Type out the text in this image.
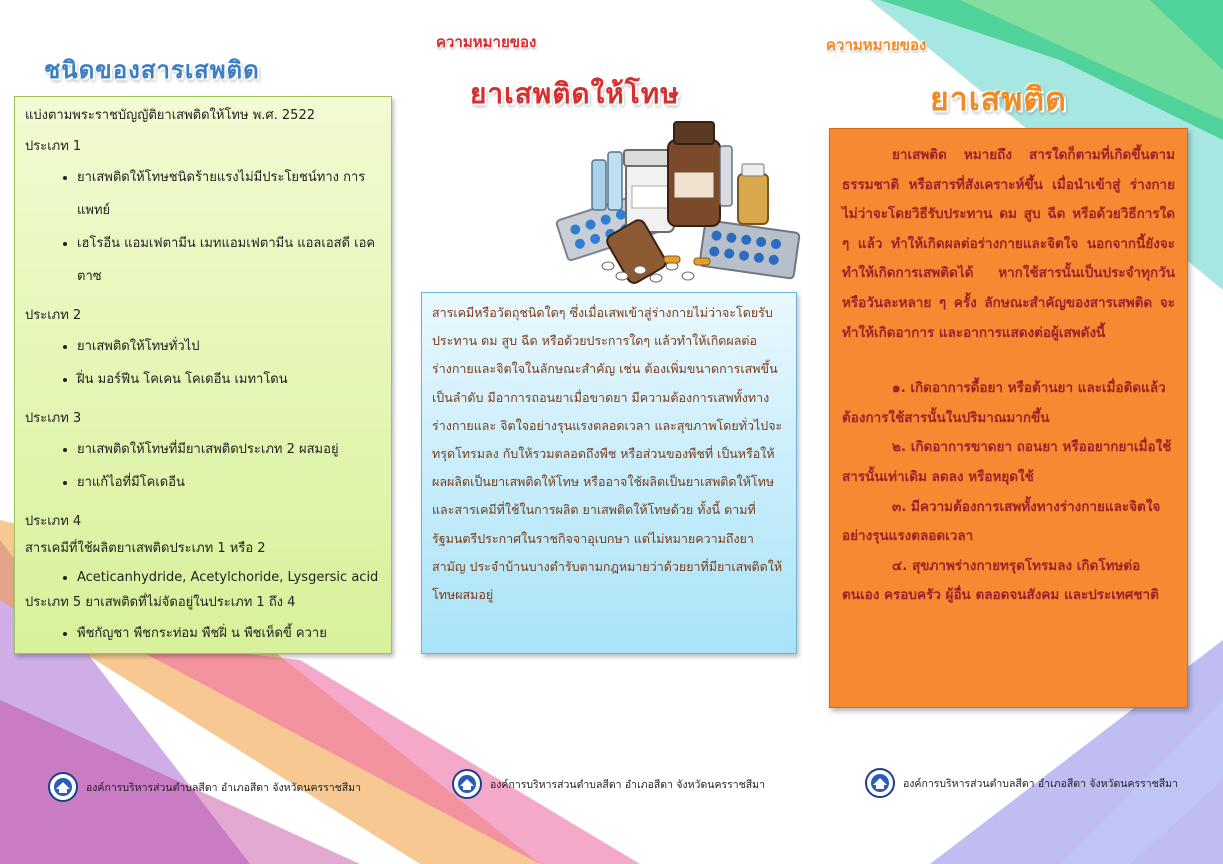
ชนิดของสารเสพติด

แบ่งตามพระราชบัญญัติยาเสพติดให้โทษ พ.ศ. 2522

ประเภท 1

• ยาเสพติดให้โทษชนิดร้ายแรงไม่มีประโยชน์ทาง การแพทย์
• เฮโรอีน แอมเฟตามีน เมทแอมเฟตามีน แอลเอสดี เอค ตาซ

ประเภท 2

• ยาเสพติดให้โทษทั่วไป
• ฝิ่น มอร์ฟีน โคเคน โคเดอีน เมทาโดน

ประเภท 3

• ยาเสพติดให้โทษที่มียาเสพติดประเภท 2 ผสมอยู่
• ยาแก้ไอที่มีโคเดอีน

ประเภท 4

สารเคมีที่ใช้ผลิตยาเสพติดประเภท 1 หรือ 2

• Aceticanhydride, Acetylchoride, Lysgersic acid

ประเภท 5 ยาเสพติดที่ไม่จัดอยู่ในประเภท 1 ถึง 4

• พืชกัญชา พืชกระท่อม พืชฝิ่ น พืชเห็ดขี้ ควาย
ความหมายของ
ยาเสพติดให้โทษ
สารเคมีหรือวัตถุชนิดใดๆ ซึ่งเมื่อเสพเข้าสู่ร่างกายไม่ว่าจะโดยรับประทาน ดม สูบ ฉีด หรือด้วยประการใดๆ แล้วทำให้เกิดผลต่อร่างกายและจิตใจในลักษณะสำคัญ เช่น ต้องเพิ่มขนาดการเสพขึ้นเป็นลำดับ มีอาการถอนยาเมื่อขาดยา มีความต้องการเสพทั้งทางร่างกายและ จิตใจอย่างรุนแรงตลอดเวลา และสุขภาพโดยทั่วไปจะทรุดโทรมลง กับให้รวมตลอดถึงพืช หรือส่วนของพืชที่ เป็นหรือให้ผลผลิตเป็นยาเสพติดให้โทษ หรืออาจใช้ผลิตเป็นยาเสพติดให้โทษและสารเคมีที่ใช้ในการผลิต ยาเสพติดให้โทษด้วย ทั้งนี้ ตามที่รัฐมนตรีประกาศในราชกิจจาอุเบกษา แต่ไม่หมายความถึงยาสามัญ ประจำบ้านบางตำรับตามกฎหมายว่าด้วยยาที่มียาเสพติดให้โทษผสมอยู่
ความหมายของ
ยาเสพติด

ยาเสพติด หมายถึง สารใดก็ตามที่เกิดขึ้นตามธรรมชาติ หรือสารที่สังเคราะห์ขึ้น เมื่อนำเข้าสู่ ร่างกายไม่ว่าจะโดยวิธีรับประทาน ดม สูบ ฉีด หรือด้วยวิธีการใด ๆ แล้ว ทำให้เกิดผลต่อร่างกายและจิตใจ นอกจากนี้ยังจะทำให้เกิดการเสพติดได้ หากใช้สารนั้นเป็นประจำทุกวัน หรือวันละหลาย ๆ ครั้ง ลักษณะสำคัญของสารเสพติด จะทำให้เกิดอาการ และอาการแสดงต่อผู้เสพดังนี้

๑. เกิดอาการดื้อยา หรือต้านยา และเมื่อติดแล้ว ต้องการใช้สารนั้นในปริมาณมากขึ้น

๒. เกิดอาการขาดยา ถอนยา หรืออยากยาเมื่อใช้สารนั้นเท่าเดิม ลดลง หรือหยุดใช้

๓. มีความต้องการเสพทั้งทางร่างกายและจิตใจอย่างรุนแรงตลอดเวลา

๔. สุขภาพร่างกายทรุดโทรมลง เกิดโทษต่อตนเอง ครอบครัว ผู้อื่น ตลอดจนสังคม และประเทศชาติ

องค์การบริหารส่วนตำบลสีดา อำเภอสีดา จังหวัดนครราชสีมา	องค์การบริหารส่วนตำบลสีดา อำเภอสีดา จังหวัดนครราชสีมา	องค์การบริหารส่วนตำบลสีดา อำเภอสีดา จังหวัดนครราชสีมา
